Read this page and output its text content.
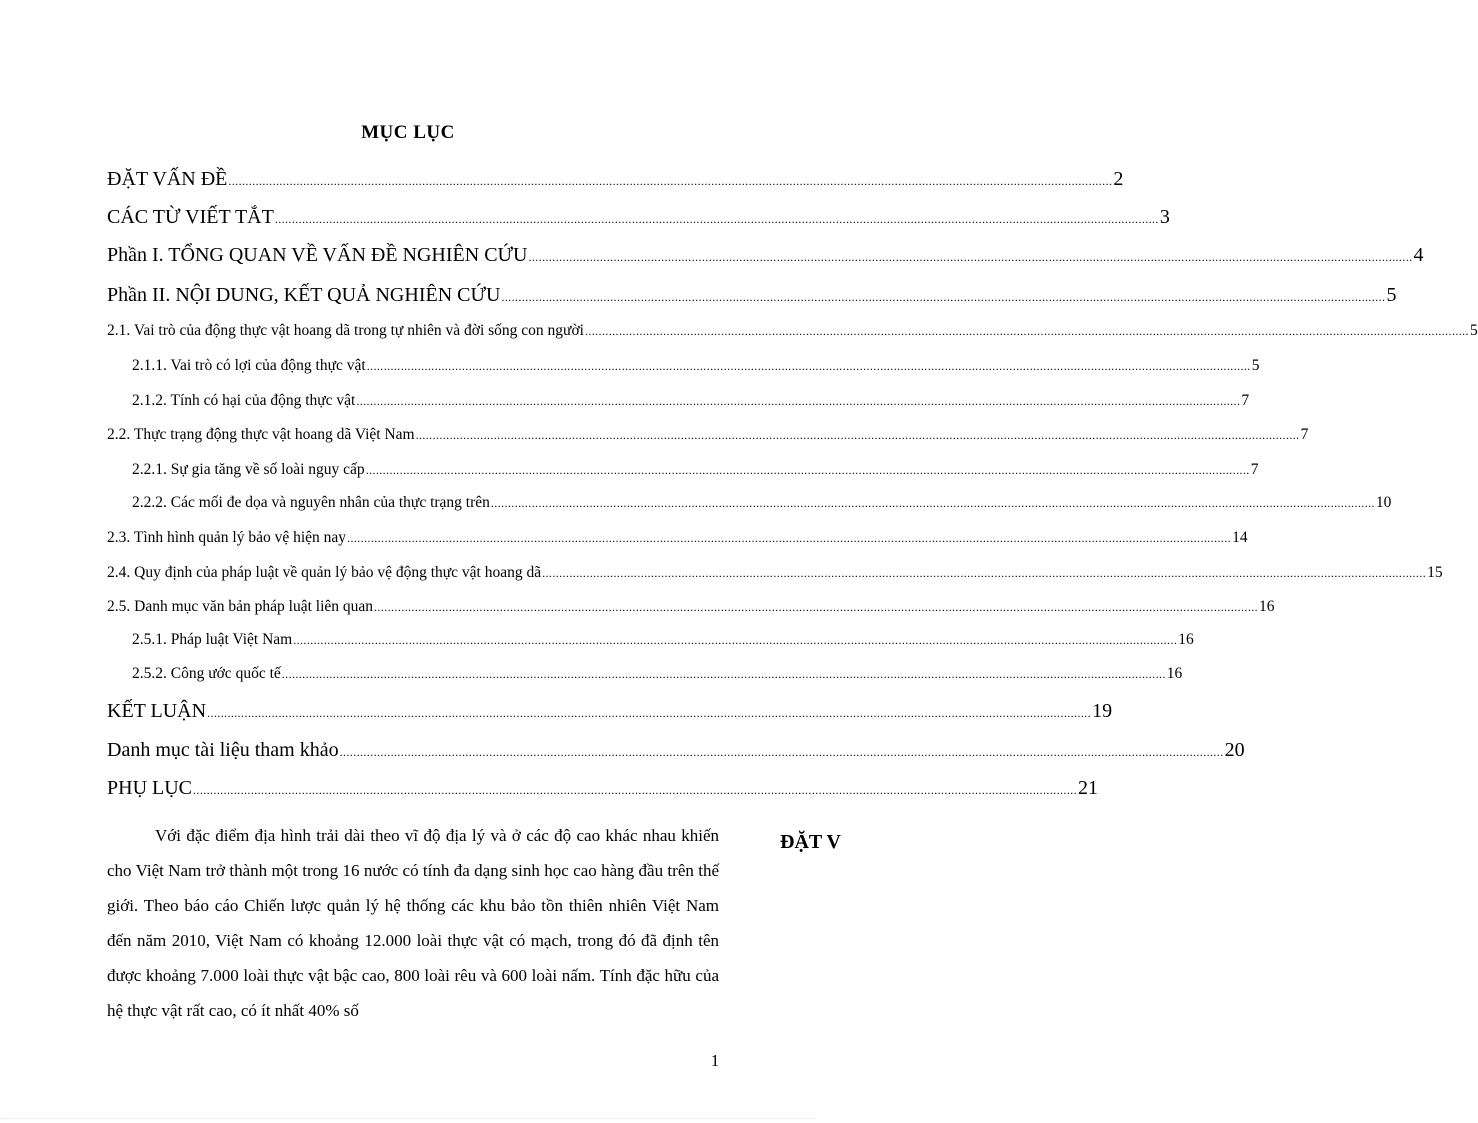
MỤC LỤC
ĐẶT VẤN ĐỀ .................................................................................................................................................................................................................................................................... 2
CÁC TỪ VIẾT TẮT .................................................................................................................................................................................................................................................................... 3
Phần I. TỔNG QUAN VỀ VẤN ĐỀ NGHIÊN CỨU .................................................................................................................................................................................................................................................................... 4
Phần II. NỘI DUNG, KẾT QUẢ NGHIÊN CỨU .................................................................................................................................................................................................................................................................... 5
2.1. Vai trò của động thực vật hoang dã trong tự nhiên và đời sống con người .................................................................................................................................................................................................................................................................... 5
2.1.1. Vai trò có lợi của động thực vật .................................................................................................................................................................................................................................................................... 5
2.1.2. Tính có hại của động thực vật .................................................................................................................................................................................................................................................................... 7
2.2. Thực trạng động thực vật hoang dã Việt Nam .................................................................................................................................................................................................................................................................... 7
2.2.1. Sự gia tăng về số loài nguy cấp .................................................................................................................................................................................................................................................................... 7
2.2.2. Các mối đe dọa và nguyên nhân của thực trạng trên .................................................................................................................................................................................................................................................................... 10
2.3. Tình hình quản lý bảo vệ hiện nay .................................................................................................................................................................................................................................................................... 14
2.4. Quy định của pháp luật về quản lý bảo vệ động thực vật hoang dã .................................................................................................................................................................................................................................................................... 15
2.5. Danh mục văn bản pháp luật liên quan .................................................................................................................................................................................................................................................................... 16
2.5.1. Pháp luật Việt Nam .................................................................................................................................................................................................................................................................... 16
2.5.2. Công ước quốc tế .................................................................................................................................................................................................................................................................... 16
KẾT LUẬN .................................................................................................................................................................................................................................................................... 19
Danh mục tài liệu tham khảo .................................................................................................................................................................................................................................................................... 20
PHỤ LỤC .................................................................................................................................................................................................................................................................... 21
ĐẶT V

Với đặc điểm địa hình trải dài theo vĩ độ địa lý và ở các độ cao khác nhau khiến cho Việt Nam trở thành một trong 16 nước có tính đa dạng sinh học cao hàng đầu trên thế giới. Theo báo cáo Chiến lược quản lý hệ thống các khu bảo tồn thiên nhiên Việt Nam đến năm 2010, Việt Nam có khoảng 12.000 loài thực vật có mạch, trong đó đã định tên được khoảng 7.000 loài thực vật bậc cao, 800 loài rêu và 600 loài nấm. Tính đặc hữu của hệ thực vật rất cao, có ít nhất 40% số

1
